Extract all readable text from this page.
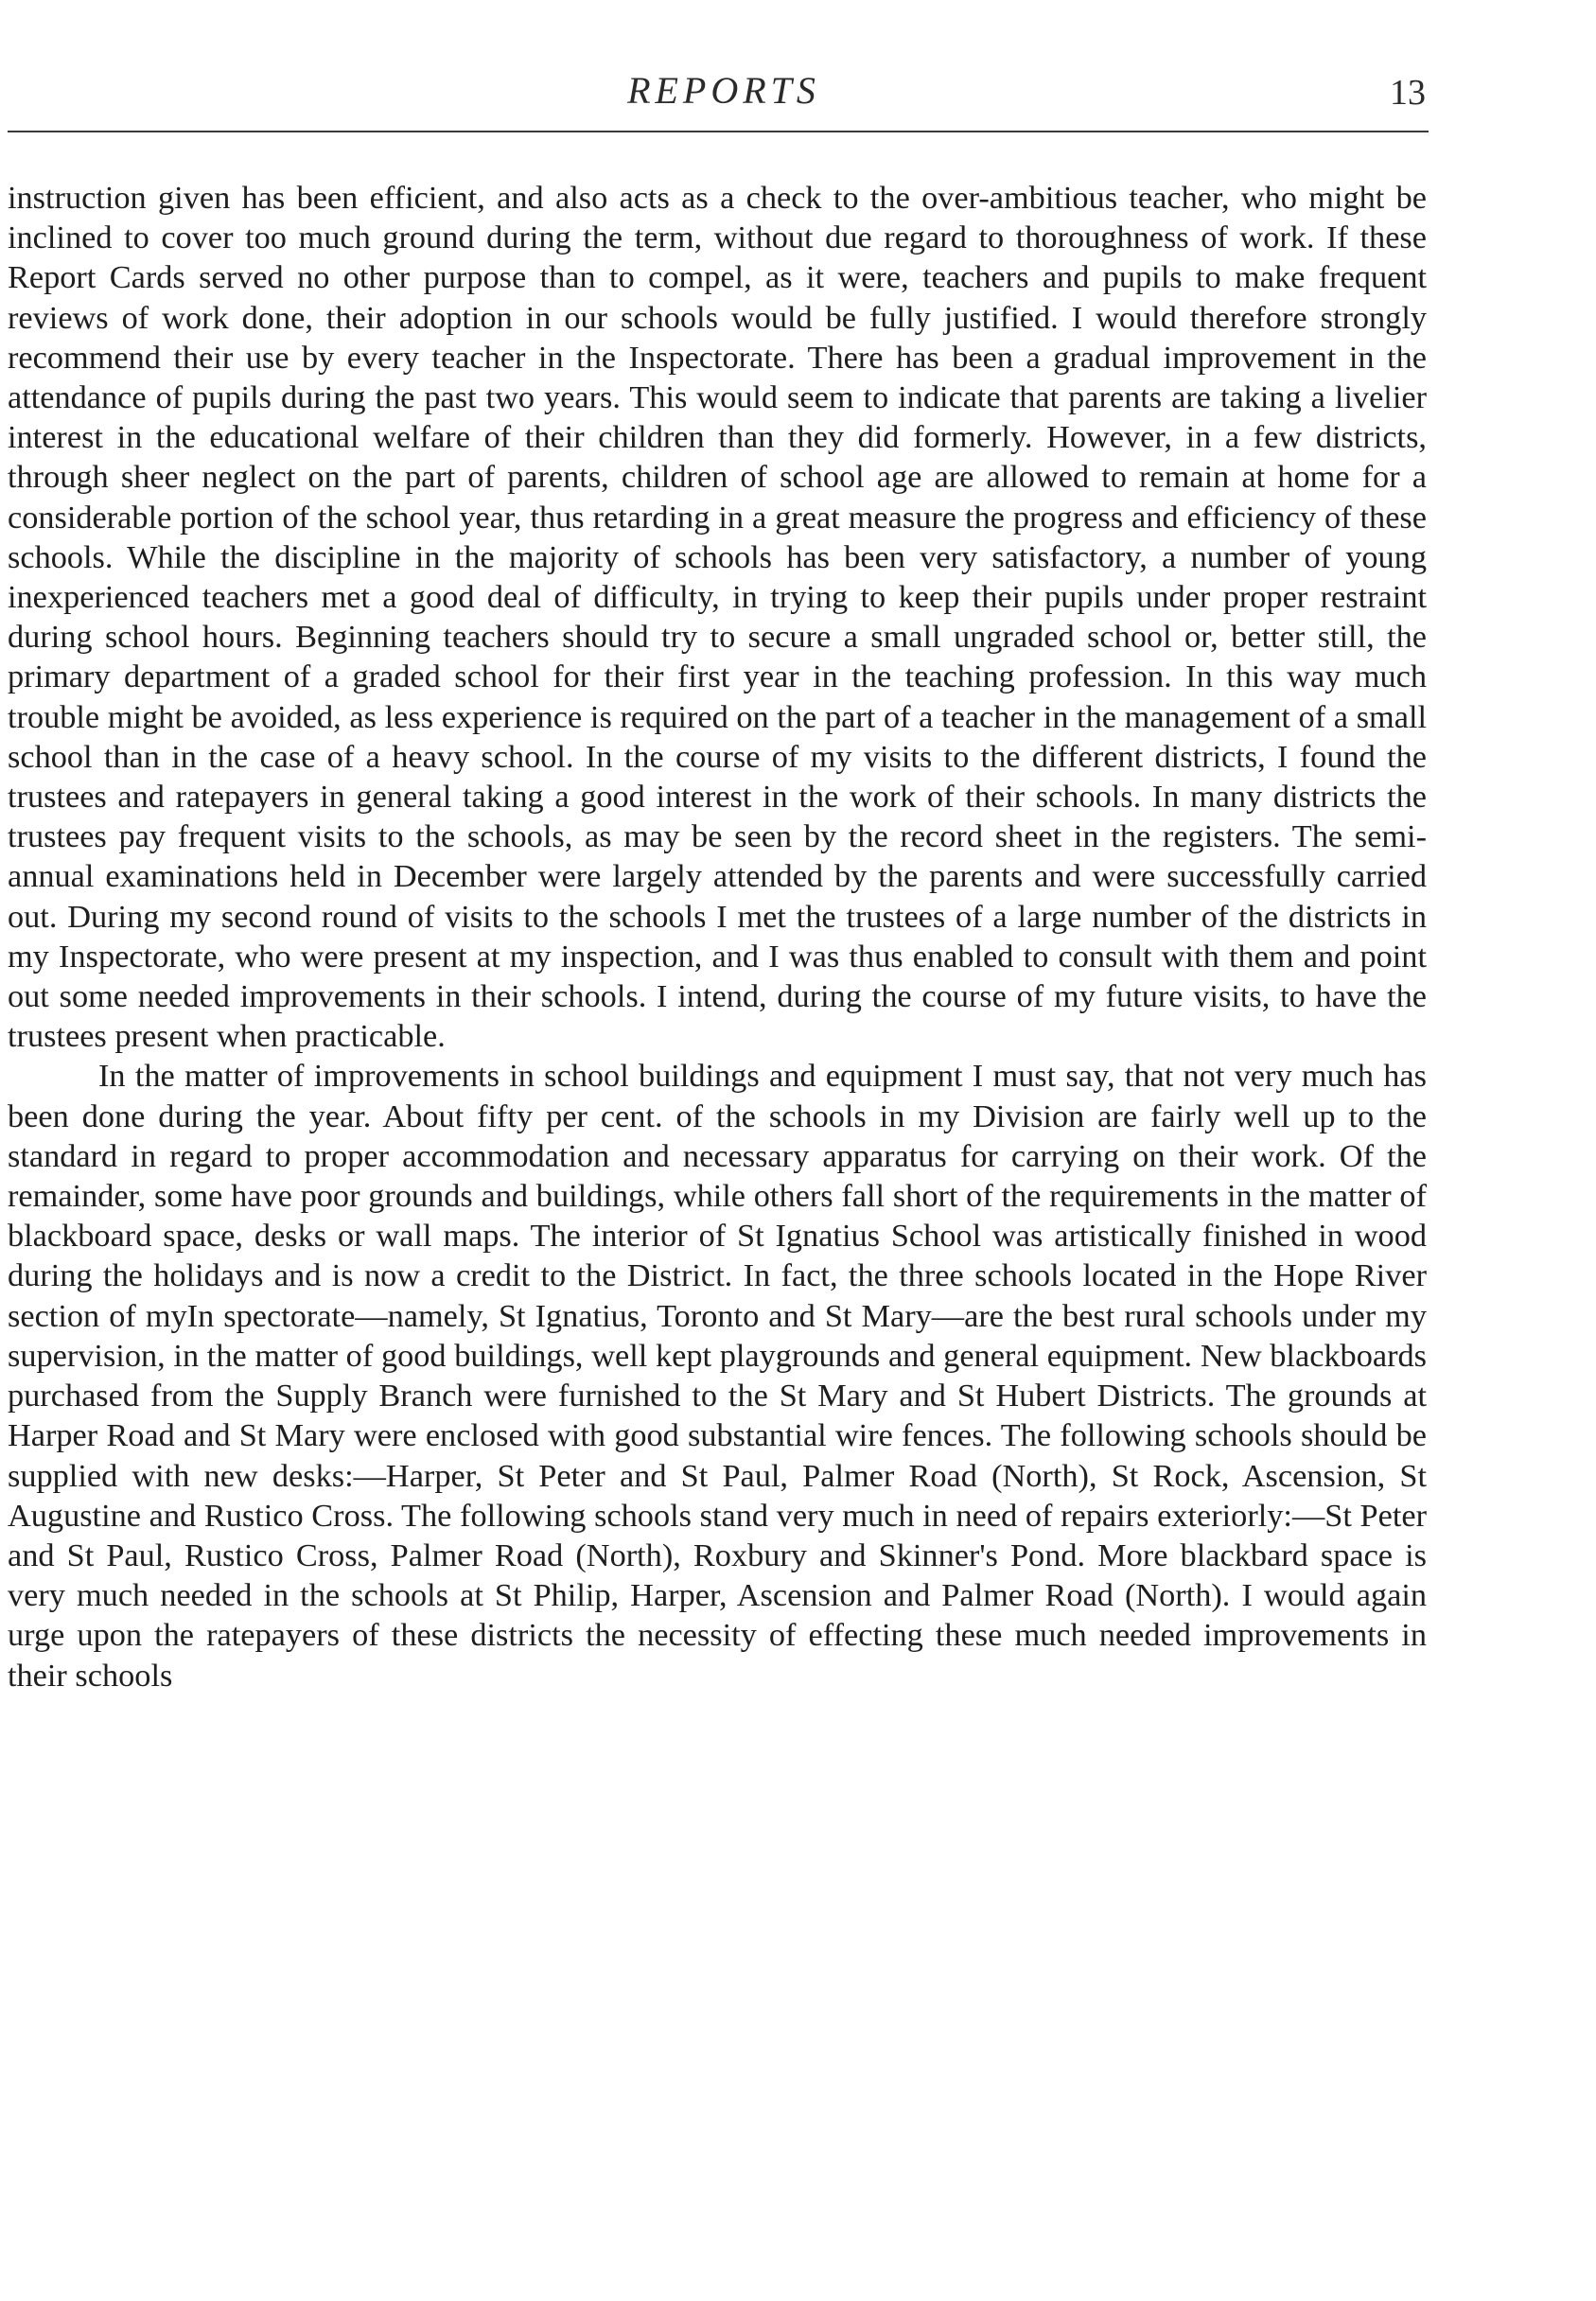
REPORTS	13

instruction given has been efficient, and also acts as a check to the over-ambitious teacher, who might be inclined to cover too much ground during the term, without due regard to thoroughness of work. If these Report Cards served no other purpose than to compel, as it were, teachers and pupils to make frequent reviews of work done, their adoption in our schools would be fully justified. I would therefore strongly recommend their use by every teacher in the Inspectorate. There has been a gradual improvement in the attendance of pupils during the past two years. This would seem to indicate that parents are taking a livelier interest in the educational welfare of their children than they did formerly. However, in a few districts, through sheer neglect on the part of parents, children of school age are allowed to remain at home for a considerable portion of the school year, thus retarding in a great measure the progress and efficiency of these schools. While the discipline in the majority of schools has been very satisfactory, a number of young inexperienced teachers met a good deal of difficulty, in trying to keep their pupils under proper restraint during school hours. Beginning teachers should try to secure a small ungraded school or, better still, the primary department of a graded school for their first year in the teaching profession. In this way much trouble might be avoided, as less experience is required on the part of a teacher in the management of a small school than in the case of a heavy school. In the course of my visits to the different districts, I found the trustees and ratepayers in general taking a good interest in the work of their schools. In many districts the trustees pay frequent visits to the schools, as may be seen by the record sheet in the registers. The semi-annual examinations held in December were largely attended by the parents and were successfully carried out. During my second round of visits to the schools I met the trustees of a large number of the districts in my Inspectorate, who were present at my inspection, and I was thus enabled to consult with them and point out some needed improvements in their schools. I intend, during the course of my future visits, to have the trustees present when practicable.

In the matter of improvements in school buildings and equipment I must say, that not very much has been done during the year. About fifty per cent. of the schools in my Division are fairly well up to the standard in regard to proper accommodation and necessary apparatus for carrying on their work. Of the remainder, some have poor grounds and buildings, while others fall short of the requirements in the matter of blackboard space, desks or wall maps. The interior of St Ignatius School was artistically finished in wood during the holidays and is now a credit to the District. In fact, the three schools located in the Hope River section of myIn spectorate—namely, St Ignatius, Toronto and St Mary—are the best rural schools under my supervision, in the matter of good buildings, well kept playgrounds and general equipment. New blackboards purchased from the Supply Branch were furnished to the St Mary and St Hubert Districts. The grounds at Harper Road and St Mary were enclosed with good substantial wire fences. The following schools should be supplied with new desks:—Harper, St Peter and St Paul, Palmer Road (North), St Rock, Ascension, St Augustine and Rustico Cross. The following schools stand very much in need of repairs exteriorly:—St Peter and St Paul, Rustico Cross, Palmer Road (North), Roxbury and Skinner's Pond. More blackbard space is very much needed in the schools at St Philip, Harper, Ascension and Palmer Road (North). I would again urge upon the ratepayers of these districts the necessity of effecting these much needed improvements in their schools
